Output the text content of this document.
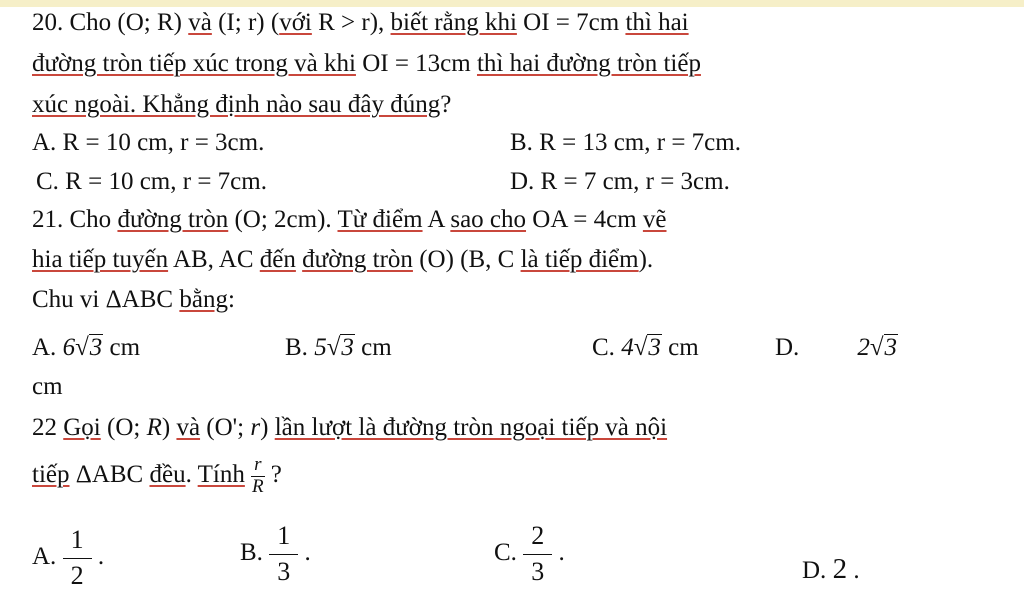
20. Cho (O; R) và (I; r) (với R > r), biết rằng khi OI = 7cm thì hai
đường tròn tiếp xúc trong và khi OI = 13cm thì hai đường tròn tiếp
xúc ngoài. Khẳng định nào sau đây đúng?
A. R = 10 cm, r = 3cm.	B. R = 13 cm, r = 7cm.
C. R = 10 cm, r = 7cm.	D. R = 7 cm, r = 3cm.
21. Cho đường tròn (O; 2cm). Từ điểm A sao cho OA = 4cm vẽ
hia tiếp tuyến AB, AC đến đường tròn (O) (B, C là tiếp điểm).
Chu vi ΔABC bằng:
A. 6√3 cm	B. 5√3 cm	C. 4√3 cm	D. 2√3
cm
22 Gọi (O; R) và (O'; r) lần lượt là đường tròn ngoại tiếp và nội
tiếp ΔABC đều. Tính $\frac{r}{R}$ ?
A. $\frac{1}{2}$ .	B. $\frac{1}{3}$ .	C. $\frac{2}{3}$ .
D. 2 .
